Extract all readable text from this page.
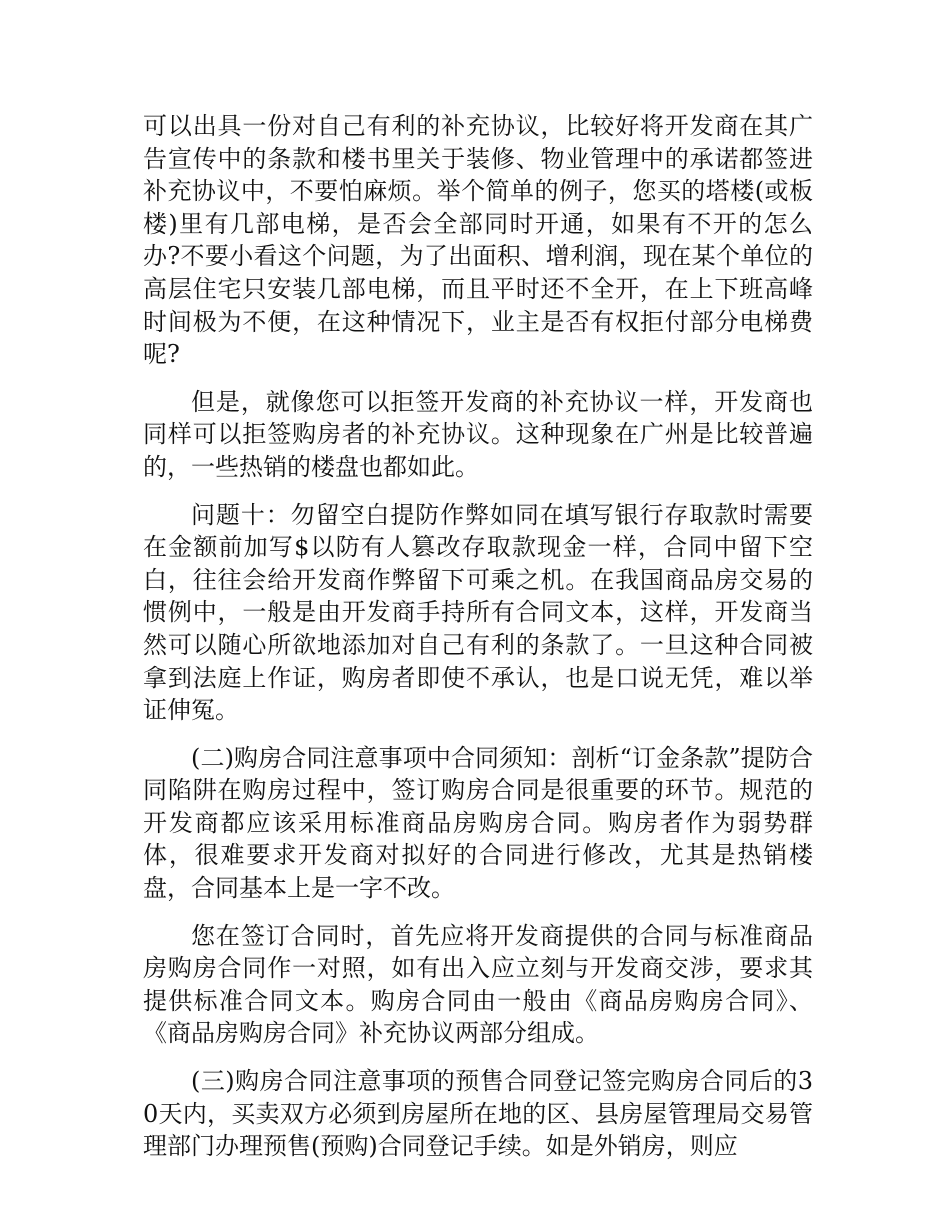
可以出具一份对自己有利的补充协议，比较好将开发商在其广告宣传中的条款和楼书里关于装修、物业管理中的承诺都签进补充协议中，不要怕麻烦。举个简单的例子，您买的塔楼(或板楼)里有几部电梯，是否会全部同时开通，如果有不开的怎么办?不要小看这个问题，为了出面积、增利润，现在某个单位的高层住宅只安装几部电梯，而且平时还不全开，在上下班高峰时间极为不便，在这种情况下，业主是否有权拒付部分电梯费呢?

但是，就像您可以拒签开发商的补充协议一样，开发商也同样可以拒签购房者的补充协议。这种现象在广州是比较普遍的，一些热销的楼盘也都如此。

问题十：勿留空白提防作弊如同在填写银行存取款时需要在金额前加写$以防有人篡改存取款现金一样，合同中留下空白，往往会给开发商作弊留下可乘之机。在我国商品房交易的惯例中，一般是由开发商手持所有合同文本，这样，开发商当然可以随心所欲地添加对自己有利的条款了。一旦这种合同被拿到法庭上作证，购房者即使不承认，也是口说无凭，难以举证伸冤。

(二)购房合同注意事项中合同须知：剖析“订金条款”提防合同陷阱在购房过程中，签订购房合同是很重要的环节。规范的开发商都应该采用标准商品房购房合同。购房者作为弱势群体，很难要求开发商对拟好的合同进行修改，尤其是热销楼盘，合同基本上是一字不改。

您在签订合同时，首先应将开发商提供的合同与标准商品房购房合同作一对照，如有出入应立刻与开发商交涉，要求其提供标准合同文本。购房合同由一般由《商品房购房合同》、《商品房购房合同》补充协议两部分组成。

(三)购房合同注意事项的预售合同登记签完购房合同后的30天内，买卖双方必须到房屋所在地的区、县房屋管理局交易管理部门办理预售(预购)合同登记手续。如是外销房，则应
